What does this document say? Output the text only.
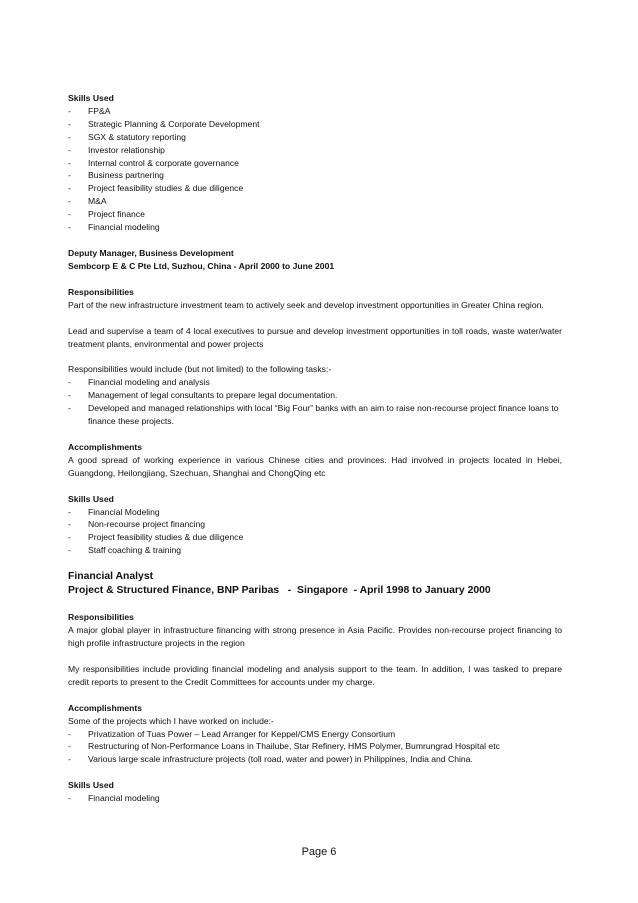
Skills Used
- FP&A
- Strategic Planning & Corporate Development
- SGX & statutory reporting
- Investor relationship
- Internal control & corporate governance
- Business partnering
- Project feasibility studies & due diligence
- M&A
- Project finance
- Financial modeling
Deputy Manager, Business Development
Sembcorp E & C Pte Ltd, Suzhou, China - April 2000 to June 2001
Responsibilities

Part of the new infrastructure investment team to actively seek and develop investment opportunities in Greater China region.

Lead and supervise a team of 4 local executives to pursue and develop investment opportunities in toll roads, waste water/water treatment plants, environmental and power projects

Responsibilities would include (but not limited) to the following tasks:-

- Financial modeling and analysis
- Management of legal consultants to prepare legal documentation.
- Developed and managed relationships with local “Big Four” banks with an aim to raise non-recourse project finance loans to finance these projects.
Accomplishments

A good spread of working experience in various Chinese cities and provinces. Had involved in projects located in Hebei, Guangdong, Heilongjiang, Szechuan, Shanghai and ChongQing etc

Skills Used
- Financial Modeling
- Non-recourse project financing
- Project feasibility studies & due diligence
- Staff coaching & training
Financial Analyst
Project & Structured Finance, BNP Paribas   -  Singapore  - April 1998 to January 2000
Responsibilities

A major global player in infrastructure financing with strong presence in Asia Pacific. Provides non-recourse project financing to high profile infrastructure projects in the region

My responsibilities include providing financial modeling and analysis support to the team. In addition, I was tasked to prepare credit reports to present to the Credit Committees for accounts under my charge.

Accomplishments
Some of the projects which I have worked on include:-
- Privatization of Tuas Power – Lead Arranger for Keppel/CMS Energy Consortium
- Restructuring of Non-Performance Loans in Thailube, Star Refinery, HMS Polymer, Bumrungrad Hospital etc
- Various large scale infrastructure projects (toll road, water and power) in Philippines, India and China.
Skills Used
- Financial modeling
Page 6
